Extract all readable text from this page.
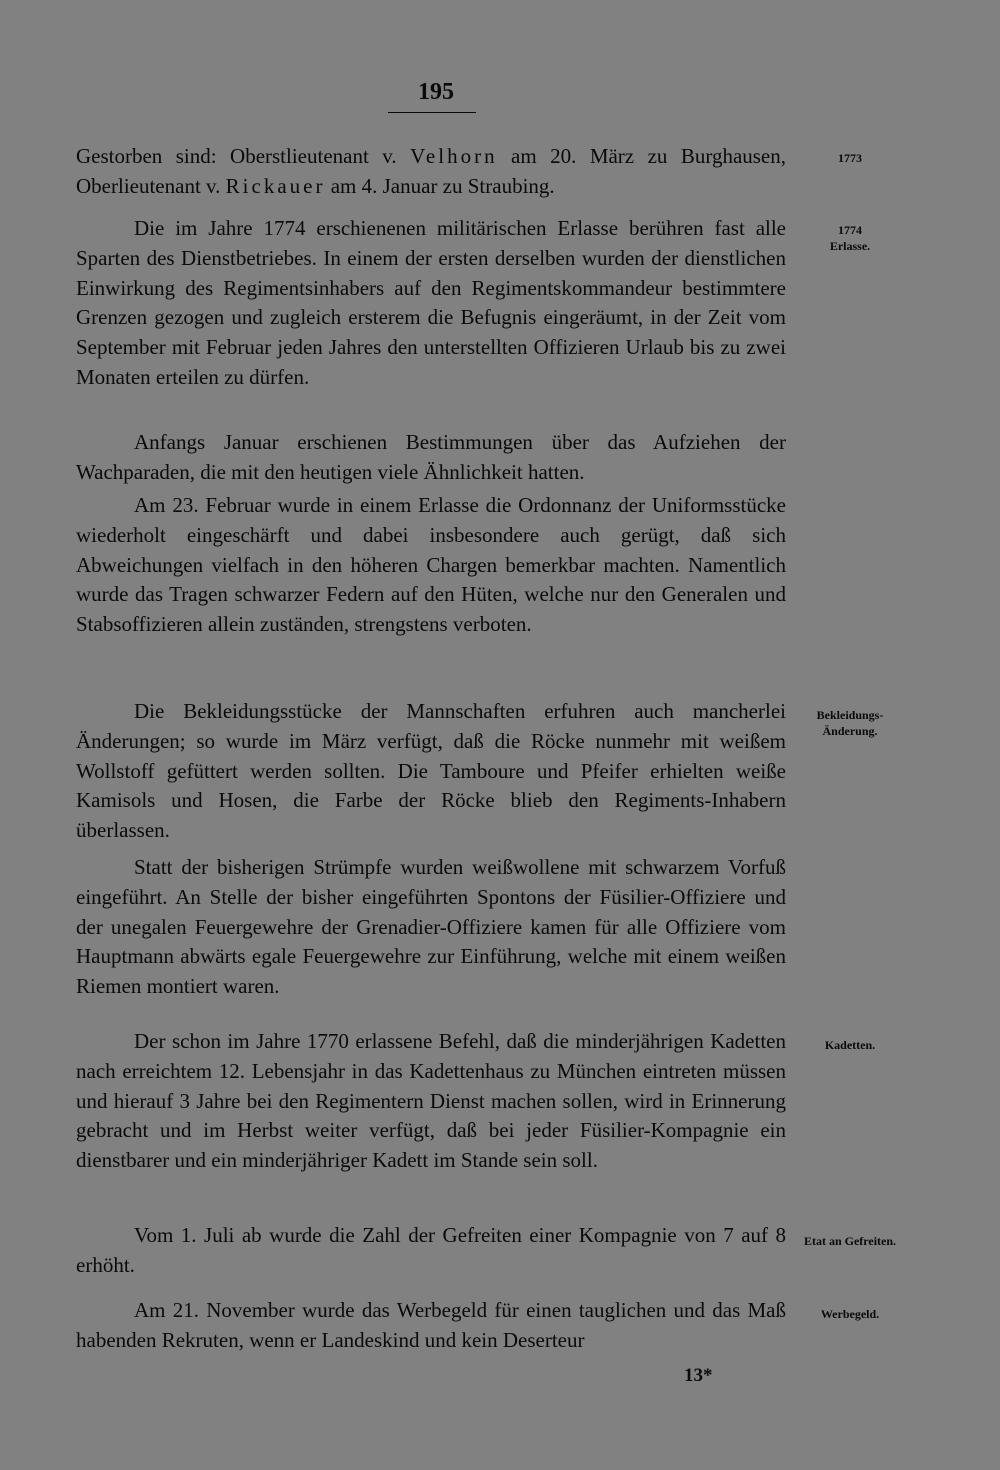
195

Gestorben sind: Oberstlieutenant v. Velhorn am 20. März zu Burghausen, Oberlieutenant v. Rickauer am 4. Januar zu Straubing.

Die im Jahre 1774 erschienenen militärischen Erlasse berühren fast alle Sparten des Dienstbetriebes. In einem der ersten derselben wurden der dienstlichen Einwirkung des Regimentsinhabers auf den Regimentskommandeur bestimmtere Grenzen gezogen und zugleich ersterem die Befugnis eingeräumt, in der Zeit vom September mit Februar jeden Jahres den unterstellten Offizieren Urlaub bis zu zwei Monaten erteilen zu dürfen.

Anfangs Januar erschienen Bestimmungen über das Aufziehen der Wachparaden, die mit den heutigen viele Ähnlichkeit hatten.

Am 23. Februar wurde in einem Erlasse die Ordonnanz der Uniformsstücke wiederholt eingeschärft und dabei insbesondere auch gerügt, daß sich Abweichungen vielfach in den höheren Chargen bemerkbar machten. Namentlich wurde das Tragen schwarzer Federn auf den Hüten, welche nur den Generalen und Stabsoffizieren allein zuständen, strengstens verboten.

Die Bekleidungsstücke der Mannschaften erfuhren auch mancherlei Änderungen; so wurde im März verfügt, daß die Röcke nunmehr mit weißem Wollstoff gefüttert werden sollten. Die Tamboure und Pfeifer erhielten weiße Kamisols und Hosen, die Farbe der Röcke blieb den Regiments-Inhabern überlassen.

Statt der bisherigen Strümpfe wurden weißwollene mit schwarzem Vorfuß eingeführt. An Stelle der bisher eingeführten Spontons der Füsilier-Offiziere und der unegalen Feuergewehre der Grenadier-Offiziere kamen für alle Offiziere vom Hauptmann abwärts egale Feuergewehre zur Einführung, welche mit einem weißen Riemen montiert waren.

Der schon im Jahre 1770 erlassene Befehl, daß die minderjährigen Kadetten nach erreichtem 12. Lebensjahr in das Kadettenhaus zu München eintreten müssen und hierauf 3 Jahre bei den Regimentern Dienst machen sollen, wird in Erinnerung gebracht und im Herbst weiter verfügt, daß bei jeder Füsilier-Kompagnie ein dienstbarer und ein minderjähriger Kadett im Stande sein soll.

Vom 1. Juli ab wurde die Zahl der Gefreiten einer Kompagnie von 7 auf 8 erhöht.

Am 21. November wurde das Werbegeld für einen tauglichen und das Maß habenden Rekruten, wenn er Landeskind und kein Deserteur

1773
1774
Erlasse.
Bekleidungs-
Änderung.
Kadetten.
Etat an Gefreiten.
Werbegeld.
13*
